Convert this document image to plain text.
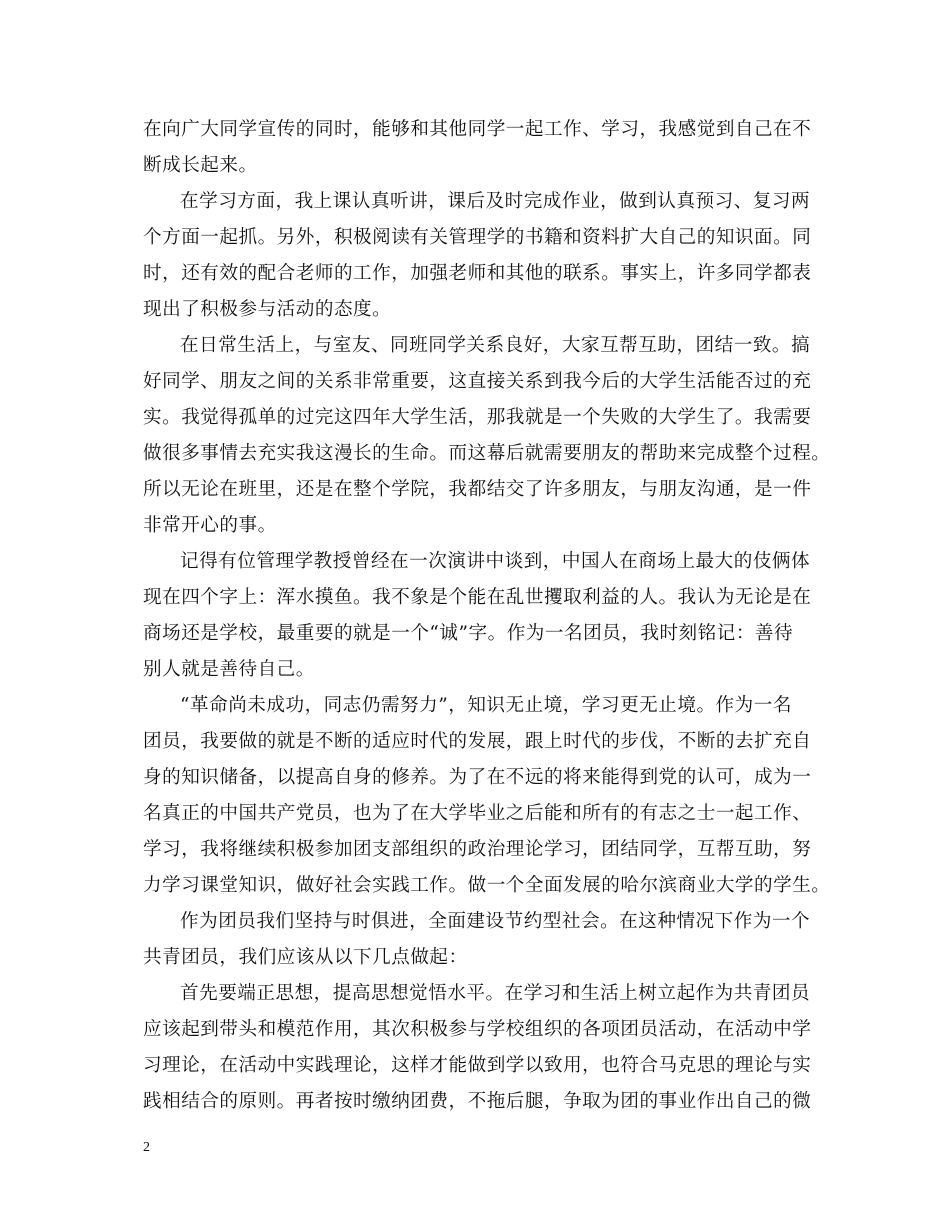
在向广大同学宣传的同时，能够和其他同学一起工作、学习，我感觉到自己在不
断成长起来。
在学习方面，我上课认真听讲，课后及时完成作业，做到认真预习、复习两
个方面一起抓。另外，积极阅读有关管理学的书籍和资料扩大自己的知识面。同
时，还有效的配合老师的工作，加强老师和其他的联系。事实上，许多同学都表
现出了积极参与活动的态度。
在日常生活上，与室友、同班同学关系良好，大家互帮互助，团结一致。搞
好同学、朋友之间的关系非常重要，这直接关系到我今后的大学生活能否过的充
实。我觉得孤单的过完这四年大学生活，那我就是一个失败的大学生了。我需要
做很多事情去充实我这漫长的生命。而这幕后就需要朋友的帮助来完成整个过程。
所以无论在班里，还是在整个学院，我都结交了许多朋友，与朋友沟通，是一件
非常开心的事。
记得有位管理学教授曾经在一次演讲中谈到，中国人在商场上最大的伎俩体
现在四个字上：浑水摸鱼。我不象是个能在乱世攫取利益的人。我认为无论是在
商场还是学校，最重要的就是一个“诚”字。作为一名团员，我时刻铭记：善待
别人就是善待自己。
“革命尚未成功，同志仍需努力”，知识无止境，学习更无止境。作为一名
团员，我要做的就是不断的适应时代的发展，跟上时代的步伐，不断的去扩充自
身的知识储备，以提高自身的修养。为了在不远的将来能得到党的认可，成为一
名真正的中国共产党员，也为了在大学毕业之后能和所有的有志之士一起工作、
学习，我将继续积极参加团支部组织的政治理论学习，团结同学，互帮互助，努
力学习课堂知识，做好社会实践工作。做一个全面发展的哈尔滨商业大学的学生。
作为团员我们坚持与时俱进，全面建设节约型社会。在这种情况下作为一个
共青团员，我们应该从以下几点做起：
首先要端正思想，提高思想觉悟水平。在学习和生活上树立起作为共青团员
应该起到带头和模范作用，其次积极参与学校组织的各项团员活动，在活动中学
习理论，在活动中实践理论，这样才能做到学以致用，也符合马克思的理论与实
践相结合的原则。再者按时缴纳团费，不拖后腿，争取为团的事业作出自己的微
2
